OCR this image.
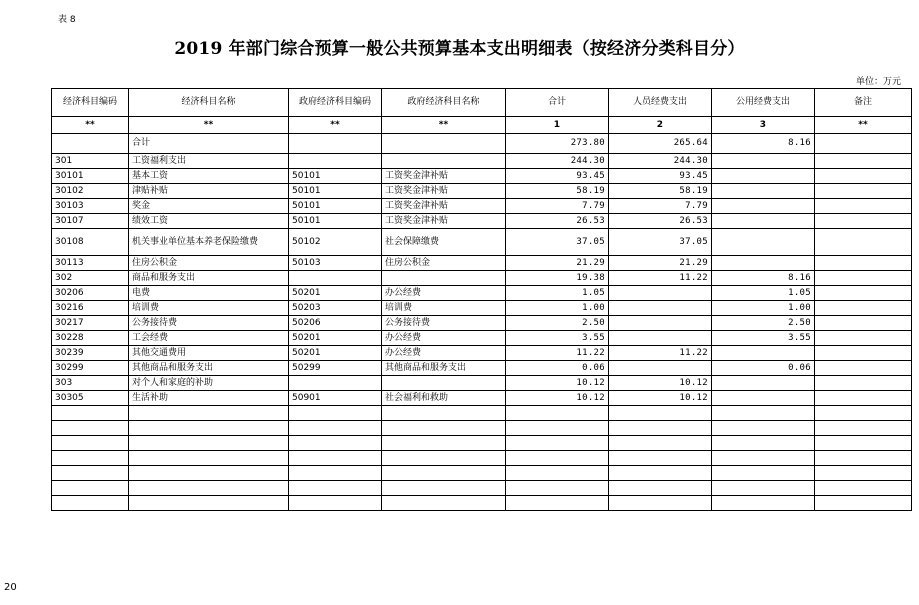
表 8
2019 年部门综合预算一般公共预算基本支出明细表（按经济分类科目分）
单位：万元
经济科目编码	经济科目名称	政府经济科目编码	政府经济科目名称	合计	人员经费支出	公用经费支出	备注
**	**	**	**	1	2	3	**
	合计			273.80	265.64	8.16	
301	工资福利支出			244.30	244.30		
30101	基本工资	50101	工资奖金津补贴	93.45	93.45		
30102	津贴补贴	50101	工资奖金津补贴	58.19	58.19		
30103	奖金	50101	工资奖金津补贴	7.79	7.79		
30107	绩效工资	50101	工资奖金津补贴	26.53	26.53		
30108	机关事业单位基本养老保险缴费	50102	社会保障缴费	37.05	37.05		
30113	住房公积金	50103	住房公积金	21.29	21.29		
302	商品和服务支出			19.38	11.22	8.16	
30206	电费	50201	办公经费	1.05		1.05	
30216	培训费	50203	培训费	1.00		1.00	
30217	公务接待费	50206	公务接待费	2.50		2.50	
30228	工会经费	50201	办公经费	3.55		3.55	
30239	其他交通费用	50201	办公经费	11.22	11.22		
30299	其他商品和服务支出	50299	其他商品和服务支出	0.06		0.06	
303	对个人和家庭的补助			10.12	10.12		
30305	生活补助	50901	社会福利和救助	10.12	10.12		

20
